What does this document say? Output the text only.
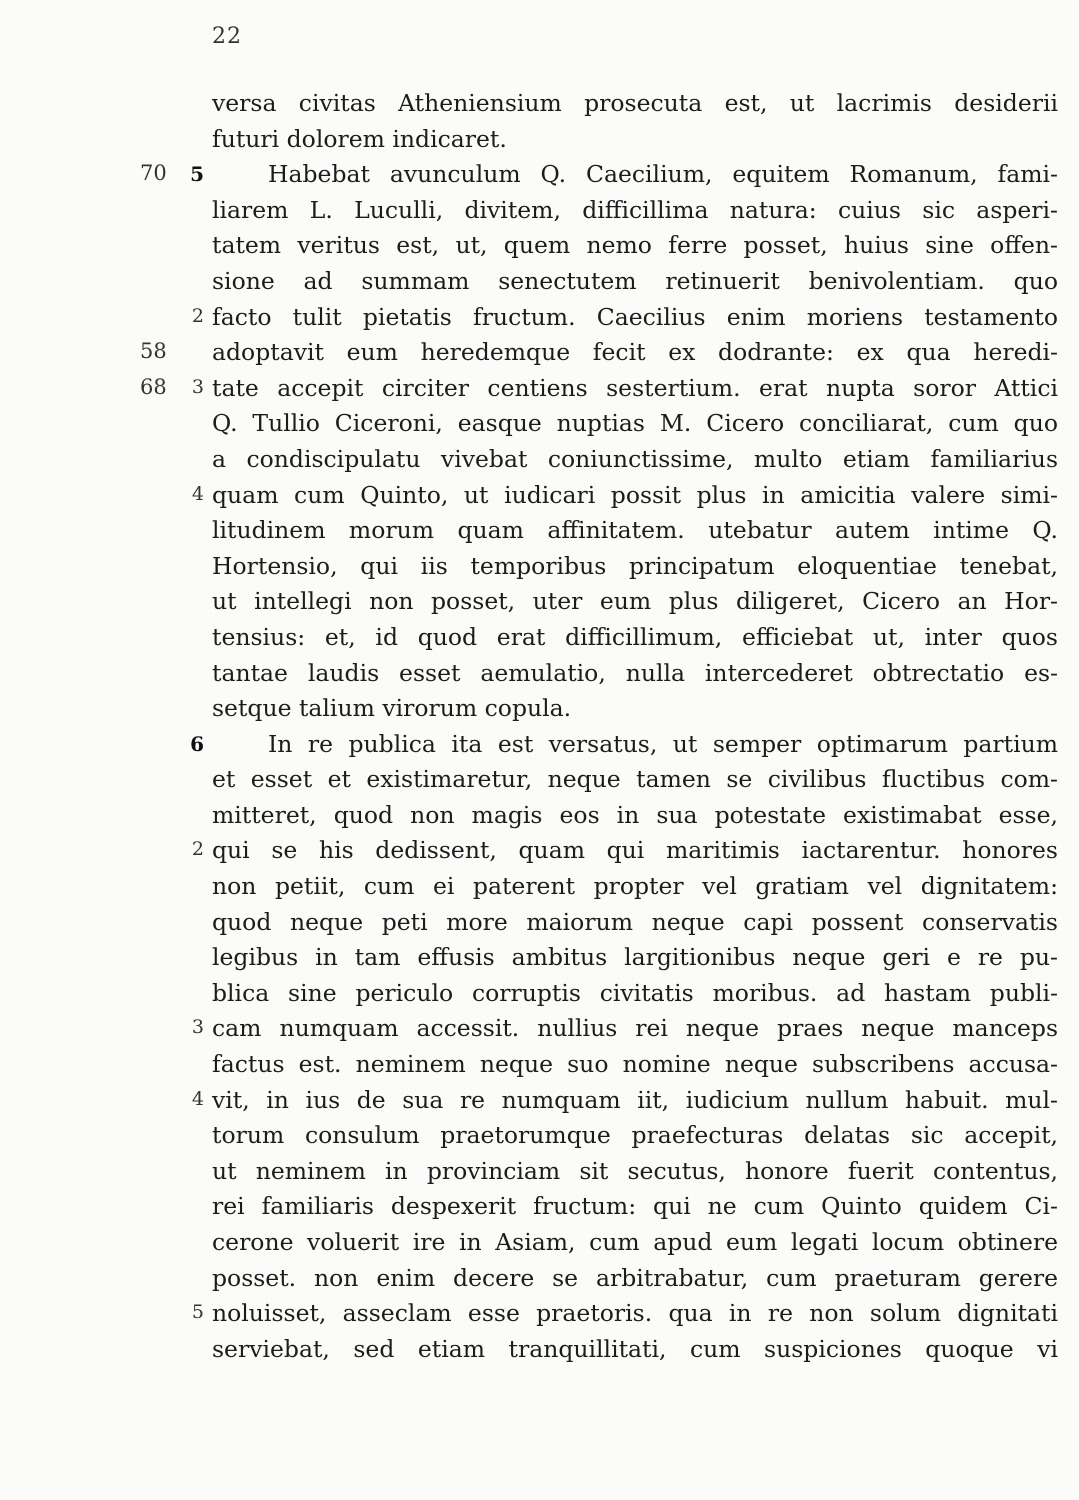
22
versa civitas Atheniensium prosecuta est, ut lacrimis desiderii
futuri dolorem indicaret.
70	5	Habebat avunculum Q. Caecilium, equitem Romanum, fami-
liarem L. Luculli, divitem, difficillima natura: cuius sic asperi-
tatem veritus est, ut, quem nemo ferre posset, huius sine offen-
sione ad summam senectutem retinuerit benivolentiam. quo
2 facto tulit pietatis fructum. Caecilius enim moriens testamento
58 adoptavit eum heredemque fecit ex dodrante: ex qua heredi-
68	3 tate accepit circiter centiens sestertium. erat nupta soror Attici
Q. Tullio Ciceroni, easque nuptias M. Cicero conciliarat, cum quo
a condiscipulatu vivebat coniunctissime, multo etiam familiarius
4 quam cum Quinto, ut iudicari possit plus in amicitia valere simi-
litudinem morum quam affinitatem. utebatur autem intime Q.
Hortensio, qui iis temporibus principatum eloquentiae tenebat,
ut intellegi non posset, uter eum plus diligeret, Cicero an Hor-
tensius: et, id quod erat difficillimum, efficiebat ut, inter quos
tantae laudis esset aemulatio, nulla intercederet obtrectatio es-
setque talium virorum copula.
6	In re publica ita est versatus, ut semper optimarum partium
et esset et existimaretur, neque tamen se civilibus fluctibus com-
mitteret, quod non magis eos in sua potestate existimabat esse,
2 qui se his dedissent, quam qui maritimis iactarentur. honores
non petiit, cum ei paterent propter vel gratiam vel dignitatem:
quod neque peti more maiorum neque capi possent conservatis
legibus in tam effusis ambitus largitionibus neque geri e re pu-
blica sine periculo corruptis civitatis moribus. ad hastam publi-
3 cam numquam accessit. nullius rei neque praes neque manceps
factus est. neminem neque suo nomine neque subscribens accusa-
4 vit, in ius de sua re numquam iit, iudicium nullum habuit. mul-
torum consulum praetorumque praefecturas delatas sic accepit,
ut neminem in provinciam sit secutus, honore fuerit contentus,
rei familiaris despexerit fructum: qui ne cum Quinto quidem Ci-
cerone voluerit ire in Asiam, cum apud eum legati locum obtinere
posset. non enim decere se arbitrabatur, cum praeturam gerere
5 noluisset, asseclam esse praetoris. qua in re non solum dignitati
serviebat, sed etiam tranquillitati, cum suspiciones quoque vi
